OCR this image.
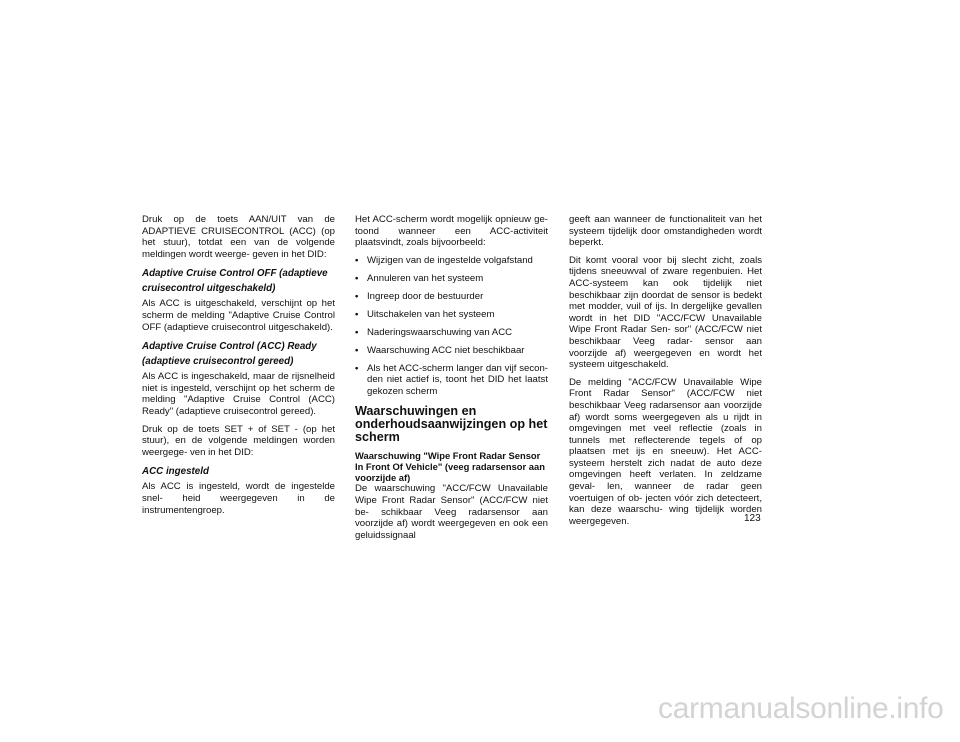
Druk op de toets AAN/UIT van de ADAPTIEVE CRUISECONTROL (ACC) (op het stuur), totdat een van de volgende meldingen wordt weerge- geven in het DID:

Adaptive Cruise Control OFF (adaptieve cruisecontrol uitgeschakeld)

Als ACC is uitgeschakeld, verschijnt op het scherm de melding "Adaptive Cruise Control OFF (adaptieve cruisecontrol uitgeschakeld).

Adaptive Cruise Control (ACC) Ready (adaptieve cruisecontrol gereed)

Als ACC is ingeschakeld, maar de rijsnelheid niet is ingesteld, verschijnt op het scherm de melding "Adaptive Cruise Control (ACC) Ready" (adaptieve cruisecontrol gereed).

Druk op de toets SET + of SET - (op het stuur), en de volgende meldingen worden weergege- ven in het DID:

ACC ingesteld

Als ACC is ingesteld, wordt de ingestelde snel- heid weergegeven in de instrumentengroep.

Het ACC-scherm wordt mogelijk opnieuw ge- toond wanneer een ACC-activiteit plaatsvindt, zoals bijvoorbeeld:

• Wijzigen van de ingestelde volgafstand
• Annuleren van het systeem
• Ingreep door de bestuurder
• Uitschakelen van het systeem
• Naderingswaarschuwing van ACC
• Waarschuwing ACC niet beschikbaar
• Als het ACC-scherm langer dan vijf secon- den niet actief is, toont het DID het laatst gekozen scherm
Waarschuwingen en onderhoudsaanwijzingen op het scherm
Waarschuwing "Wipe Front Radar Sensor In Front Of Vehicle" (veeg radarsensor aan voorzijde af)

De waarschuwing "ACC/FCW Unavailable Wipe Front Radar Sensor" (ACC/FCW niet be- schikbaar Veeg radarsensor aan voorzijde af) wordt weergegeven en ook een geluidssignaal

geeft aan wanneer de functionaliteit van het systeem tijdelijk door omstandigheden wordt beperkt.

Dit komt vooral voor bij slecht zicht, zoals tijdens sneeuwval of zware regenbuien. Het ACC-systeem kan ook tijdelijk niet beschikbaar zijn doordat de sensor is bedekt met modder, vuil of ijs. In dergelijke gevallen wordt in het DID "ACC/FCW Unavailable Wipe Front Radar Sen- sor" (ACC/FCW niet beschikbaar Veeg radar- sensor aan voorzijde af) weergegeven en wordt het systeem uitgeschakeld.

De melding "ACC/FCW Unavailable Wipe Front Radar Sensor" (ACC/FCW niet beschikbaar Veeg radarsensor aan voorzijde af) wordt soms weergegeven als u rijdt in omgevingen met veel reflectie (zoals in tunnels met reflecterende tegels of op plaatsen met ijs en sneeuw). Het ACC-systeem herstelt zich nadat de auto deze omgevingen heeft verlaten. In zeldzame geval- len, wanneer de radar geen voertuigen of ob- jecten vóór zich detecteert, kan deze waarschu- wing tijdelijk worden weergegeven.	123
carmanualsonline.info
